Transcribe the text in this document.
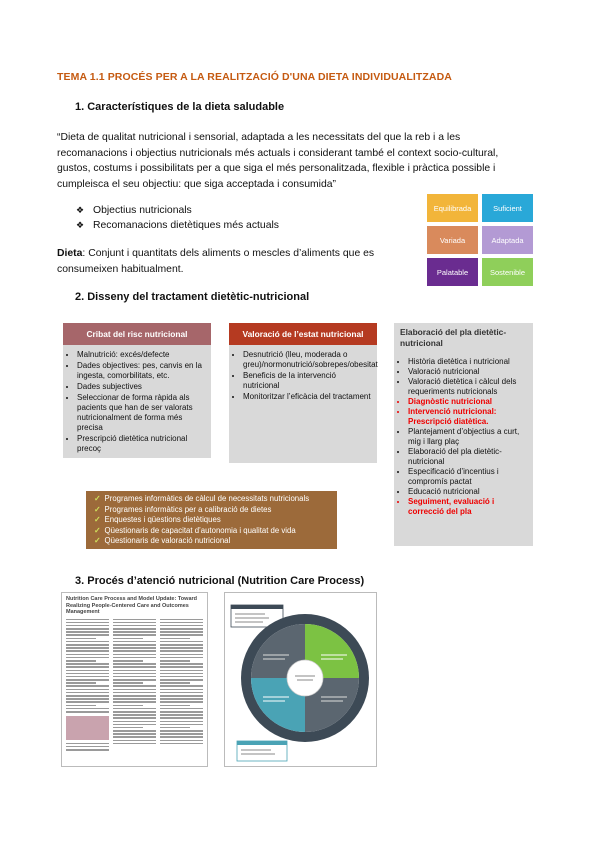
TEMA 1.1 PROCÉS PER A LA REALITZACIÓ D'UNA DIETA INDIVIDUALITZADA
1. Característiques de la dieta saludable
“Dieta de qualitat nutricional i sensorial, adaptada a les necessitats del que la reb i a les
recomanacions i objectius nutricionals més actuals i considerant també el context socio-cultural,
gustos, costums i possibilitats per a que siga el més personalitzada, flexible i pràctica possible i
cumpleisca el seu objectiu: que siga acceptada i consumida”
❖ Objectius nutricionals
❖ Recomanacions dietètiques més actuals
Dieta: Conjunt i quantitats dels aliments o mescles d’aliments que es
consumeixen habitualment.
Equilibrada	Suficient
Variada	Adaptada
Palatable	Sostenible
2. Disseny del tractament dietètic-nutricional
Cribat del risc nutricional
• Malnutrició: excés/defecte
• Dades objectives: pes, canvis en la ingesta, comorbilitats, etc.
• Dades subjectives
• Seleccionar de forma ràpida als pacients que han de ser valorats nutricionalment de forma més precisa
• Prescripció dietètica nutricional precoç
Valoració de l’estat nutricional
• Desnutrició (lleu, moderada o greu)/normonutrició/sobrepes/obesitat
• Beneficis de la intervenció nutricional
• Monitoritzar l’eficàcia del tractament
Elaboració del pla dietètic-nutricional
• Història dietètica i nutricional
• Valoració nutricional
• Valoració dietètica i càlcul dels requeriments nutricionals
• Diagnòstic nutricional
• Intervenció nutricional: Prescripció diatètica.
• Plantejament d’objectius a curt, mig i llarg plaç
• Elaboració del pla dietètic-nutricional
• Especificació d’incentius i compromís pactat
• Educació nutricional
• Seguiment, evaluació i correcció del pla
✓ Programes informàtics de càlcul de necessitats nutricionals
✓ Programes informàtics per a calibració de dietes
✓ Enquestes i qüestions dietètiques
✓ Qüestionaris de capacitat d’autonomia i qualitat de vida
✓ Qüestionaris de valoració nutricional
3. Procés d’atenció nutricional (Nutrition Care Process)
Nutrition Care Process and Model Update: Toward Realizing People-Centered Care and Outcomes Management
